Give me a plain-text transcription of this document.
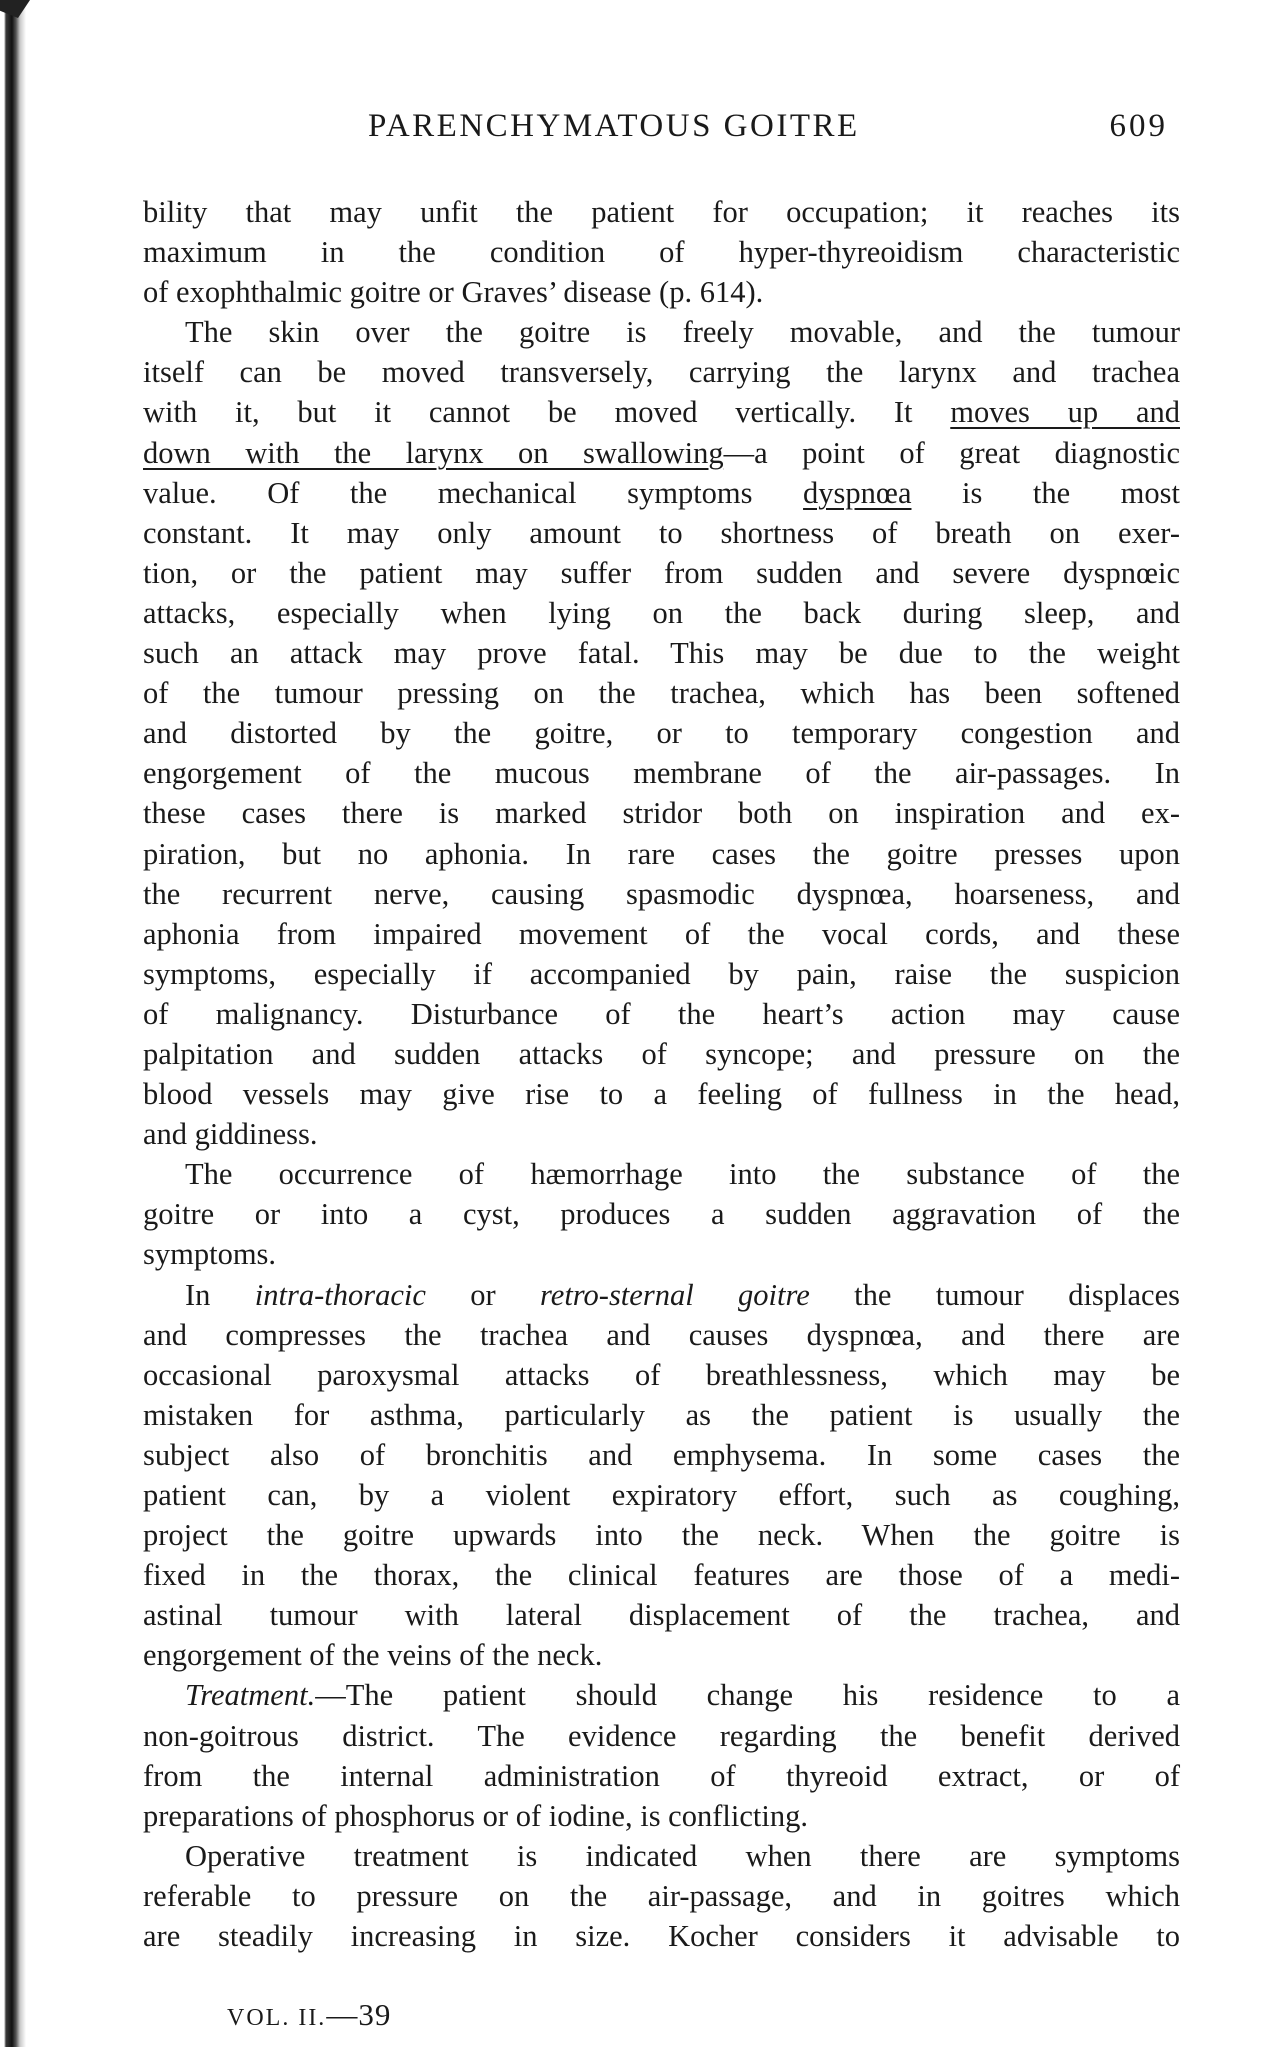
PARENCHYMATOUS GOITRE	609
bility that may unfit the patient for occupation; it reaches its
maximum in the condition of hyper-thyreoidism characteristic
of exophthalmic goitre or Graves’ disease (p. 614).
The skin over the goitre is freely movable, and the tumour
itself can be moved transversely, carrying the larynx and trachea
with it, but it cannot be moved vertically. It moves up and
down with the larynx on swallowing—a point of great diagnostic
value. Of the mechanical symptoms dyspnœa is the most
constant. It may only amount to shortness of breath on exer-
tion, or the patient may suffer from sudden and severe dyspnœic
attacks, especially when lying on the back during sleep, and
such an attack may prove fatal. This may be due to the weight
of the tumour pressing on the trachea, which has been softened
and distorted by the goitre, or to temporary congestion and
engorgement of the mucous membrane of the air-passages. In
these cases there is marked stridor both on inspiration and ex-
piration, but no aphonia. In rare cases the goitre presses upon
the recurrent nerve, causing spasmodic dyspnœa, hoarseness, and
aphonia from impaired movement of the vocal cords, and these
symptoms, especially if accompanied by pain, raise the suspicion
of malignancy. Disturbance of the heart’s action may cause
palpitation and sudden attacks of syncope; and pressure on the
blood vessels may give rise to a feeling of fullness in the head,
and giddiness.
The occurrence of hæmorrhage into the substance of the
goitre or into a cyst, produces a sudden aggravation of the
symptoms.
In intra-thoracic or retro-sternal goitre the tumour displaces
and compresses the trachea and causes dyspnœa, and there are
occasional paroxysmal attacks of breathlessness, which may be
mistaken for asthma, particularly as the patient is usually the
subject also of bronchitis and emphysema. In some cases the
patient can, by a violent expiratory effort, such as coughing,
project the goitre upwards into the neck. When the goitre is
fixed in the thorax, the clinical features are those of a medi-
astinal tumour with lateral displacement of the trachea, and
engorgement of the veins of the neck.
Treatment.—The patient should change his residence to a
non-goitrous district. The evidence regarding the benefit derived
from the internal administration of thyreoid extract, or of
preparations of phosphorus or of iodine, is conflicting.
Operative treatment is indicated when there are symptoms
referable to pressure on the air-passage, and in goitres which
are steadily increasing in size. Kocher considers it advisable to
VOL. II.—39
